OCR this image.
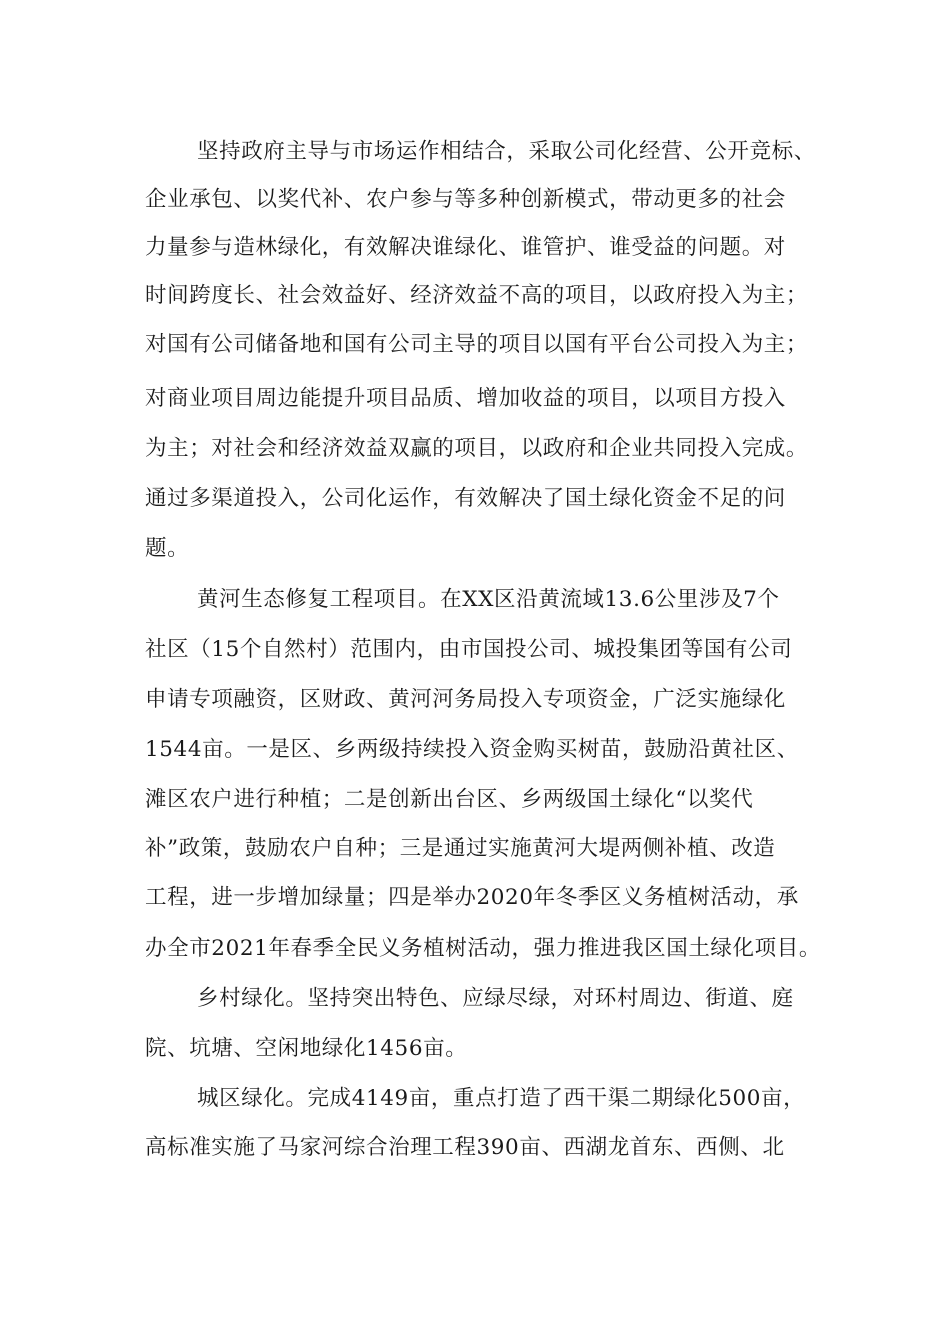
坚持政府主导与市场运作相结合，采取公司化经营、公开竞标、
企业承包、以奖代补、农户参与等多种创新模式，带动更多的社会
力量参与造林绿化，有效解决谁绿化、谁管护、谁受益的问题。对
时间跨度长、社会效益好、经济效益不高的项目，以政府投入为主；
对国有公司储备地和国有公司主导的项目以国有平台公司投入为主；
对商业项目周边能提升项目品质、增加收益的项目，以项目方投入
为主；对社会和经济效益双赢的项目，以政府和企业共同投入完成。
通过多渠道投入，公司化运作，有效解决了国土绿化资金不足的问
题。
黄河生态修复工程项目。在XX区沿黄流域13.6公里涉及7个
社区（15个自然村）范围内，由市国投公司、城投集团等国有公司
申请专项融资，区财政、黄河河务局投入专项资金，广泛实施绿化
1544亩。一是区、乡两级持续投入资金购买树苗，鼓励沿黄社区、
滩区农户进行种植；二是创新出台区、乡两级国土绿化“以奖代
补”政策，鼓励农户自种；三是通过实施黄河大堤两侧补植、改造
工程，进一步增加绿量；四是举办2020年冬季区义务植树活动，承
办全市2021年春季全民义务植树活动，强力推进我区国土绿化项目。
乡村绿化。坚持突出特色、应绿尽绿，对环村周边、街道、庭
院、坑塘、空闲地绿化1456亩。
城区绿化。完成4149亩，重点打造了西干渠二期绿化500亩，
高标准实施了马家河综合治理工程390亩、西湖龙首东、西侧、北
